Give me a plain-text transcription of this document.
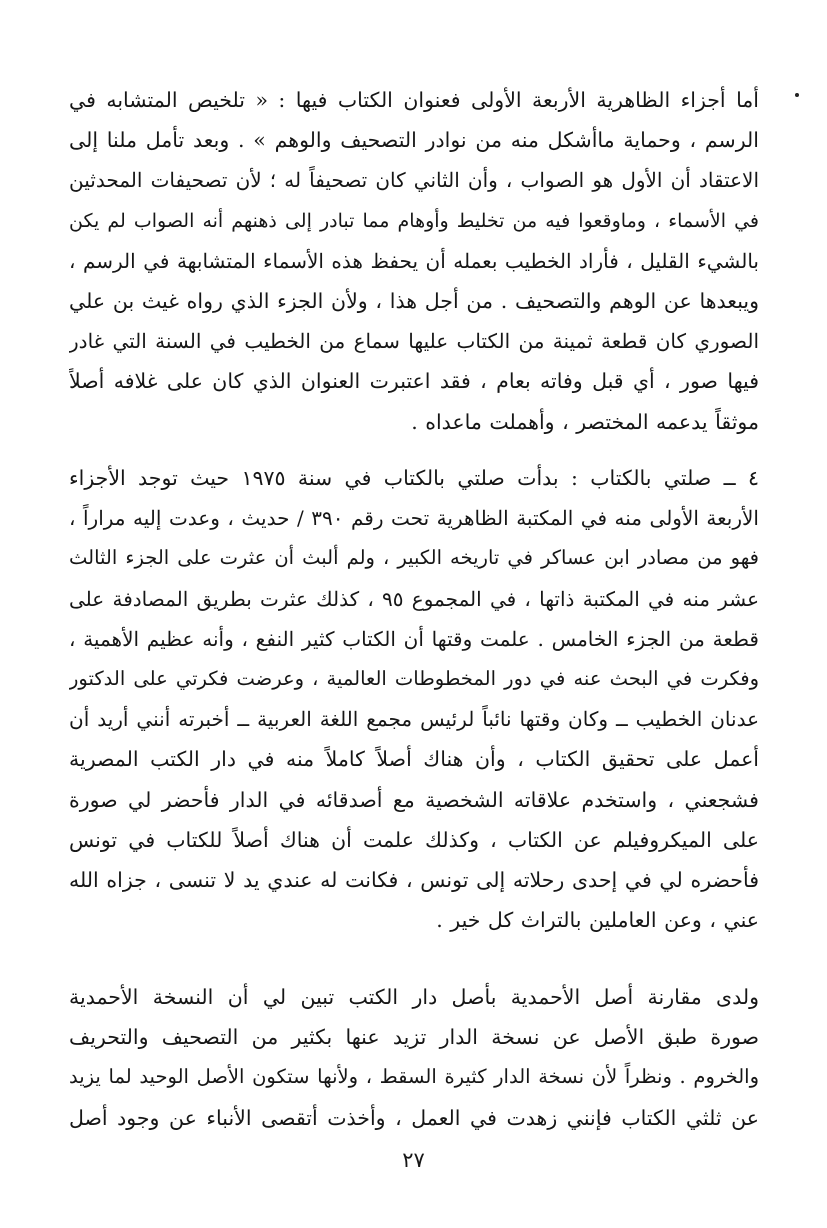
أما أجزاء الظاهرية الأربعة الأولى فعنوان الكتاب فيها : « تلخيص المتشابه في
الرسم ، وحماية ماأشكل منه من نوادر التصحيف والوهم » . وبعد تأمل ملنا إلى
الاعتقاد أن الأول هو الصواب ، وأن الثاني كان تصحيفاً له ؛ لأن تصحيفات المحدثين
في الأسماء ، وماوقعوا فيه من تخليط وأوهام مما تبادر إلى ذهنهم أنه الصواب لم يكن
بالشيء القليل ، فأراد الخطيب بعمله أن يحفظ هذه الأسماء المتشابهة في الرسم ،
ويبعدها عن الوهم والتصحيف . من أجل هذا ، ولأن الجزء الذي رواه غيث بن علي
الصوري كان قطعة ثمينة من الكتاب عليها سماع من الخطيب في السنة التي غادر
فيها صور ، أي قبل وفاته بعام ، فقد اعتبرت العنوان الذي كان على غلافه أصلاً
موثقاً يدعمه المختصر ، وأهملت ماعداه .
٤ ــ صلتي بالكتاب : بدأت صلتي بالكتاب في سنة ١٩٧٥ حيث توجد الأجزاء
الأربعة الأولى منه في المكتبة الظاهرية تحت رقم ٣٩٠ / حديث ، وعدت إليه مراراً ،
فهو من مصادر ابن عساكر في تاريخه الكبير ، ولم ألبث أن عثرت على الجزء الثالث
عشر منه في المكتبة ذاتها ، في المجموع ٩٥ ، كذلك عثرت بطريق المصادفة على
قطعة من الجزء الخامس . علمت وقتها أن الكتاب كثير النفع ، وأنه عظيم الأهمية ،
وفكرت في البحث عنه في دور المخطوطات العالمية ، وعرضت فكرتي على الدكتور
عدنان الخطيب ــ وكان وقتها نائباً لرئيس مجمع اللغة العربية ــ أخبرته أنني أريد أن
أعمل على تحقيق الكتاب ، وأن هناك أصلاً كاملاً منه في دار الكتب المصرية
فشجعني ، واستخدم علاقاته الشخصية مع أصدقائه في الدار فأحضر لي صورة
على الميكروفيلم عن الكتاب ، وكذلك علمت أن هناك أصلاً للكتاب في تونس
فأحضره لي في إحدى رحلاته إلى تونس ، فكانت له عندي يد لا تنسى ، جزاه الله
عني ، وعن العاملين بالتراث كل خير .
ولدى مقارنة أصل الأحمدية بأصل دار الكتب تبين لي أن النسخة الأحمدية
صورة طبق الأصل عن نسخة الدار تزيد عنها بكثير من التصحيف والتحريف
والخروم . ونظراً لأن نسخة الدار كثيرة السقط ، ولأنها ستكون الأصل الوحيد لما يزيد
عن ثلثي الكتاب فإنني زهدت في العمل ، وأخذت أتقصى الأنباء عن وجود أصل
٢٧
